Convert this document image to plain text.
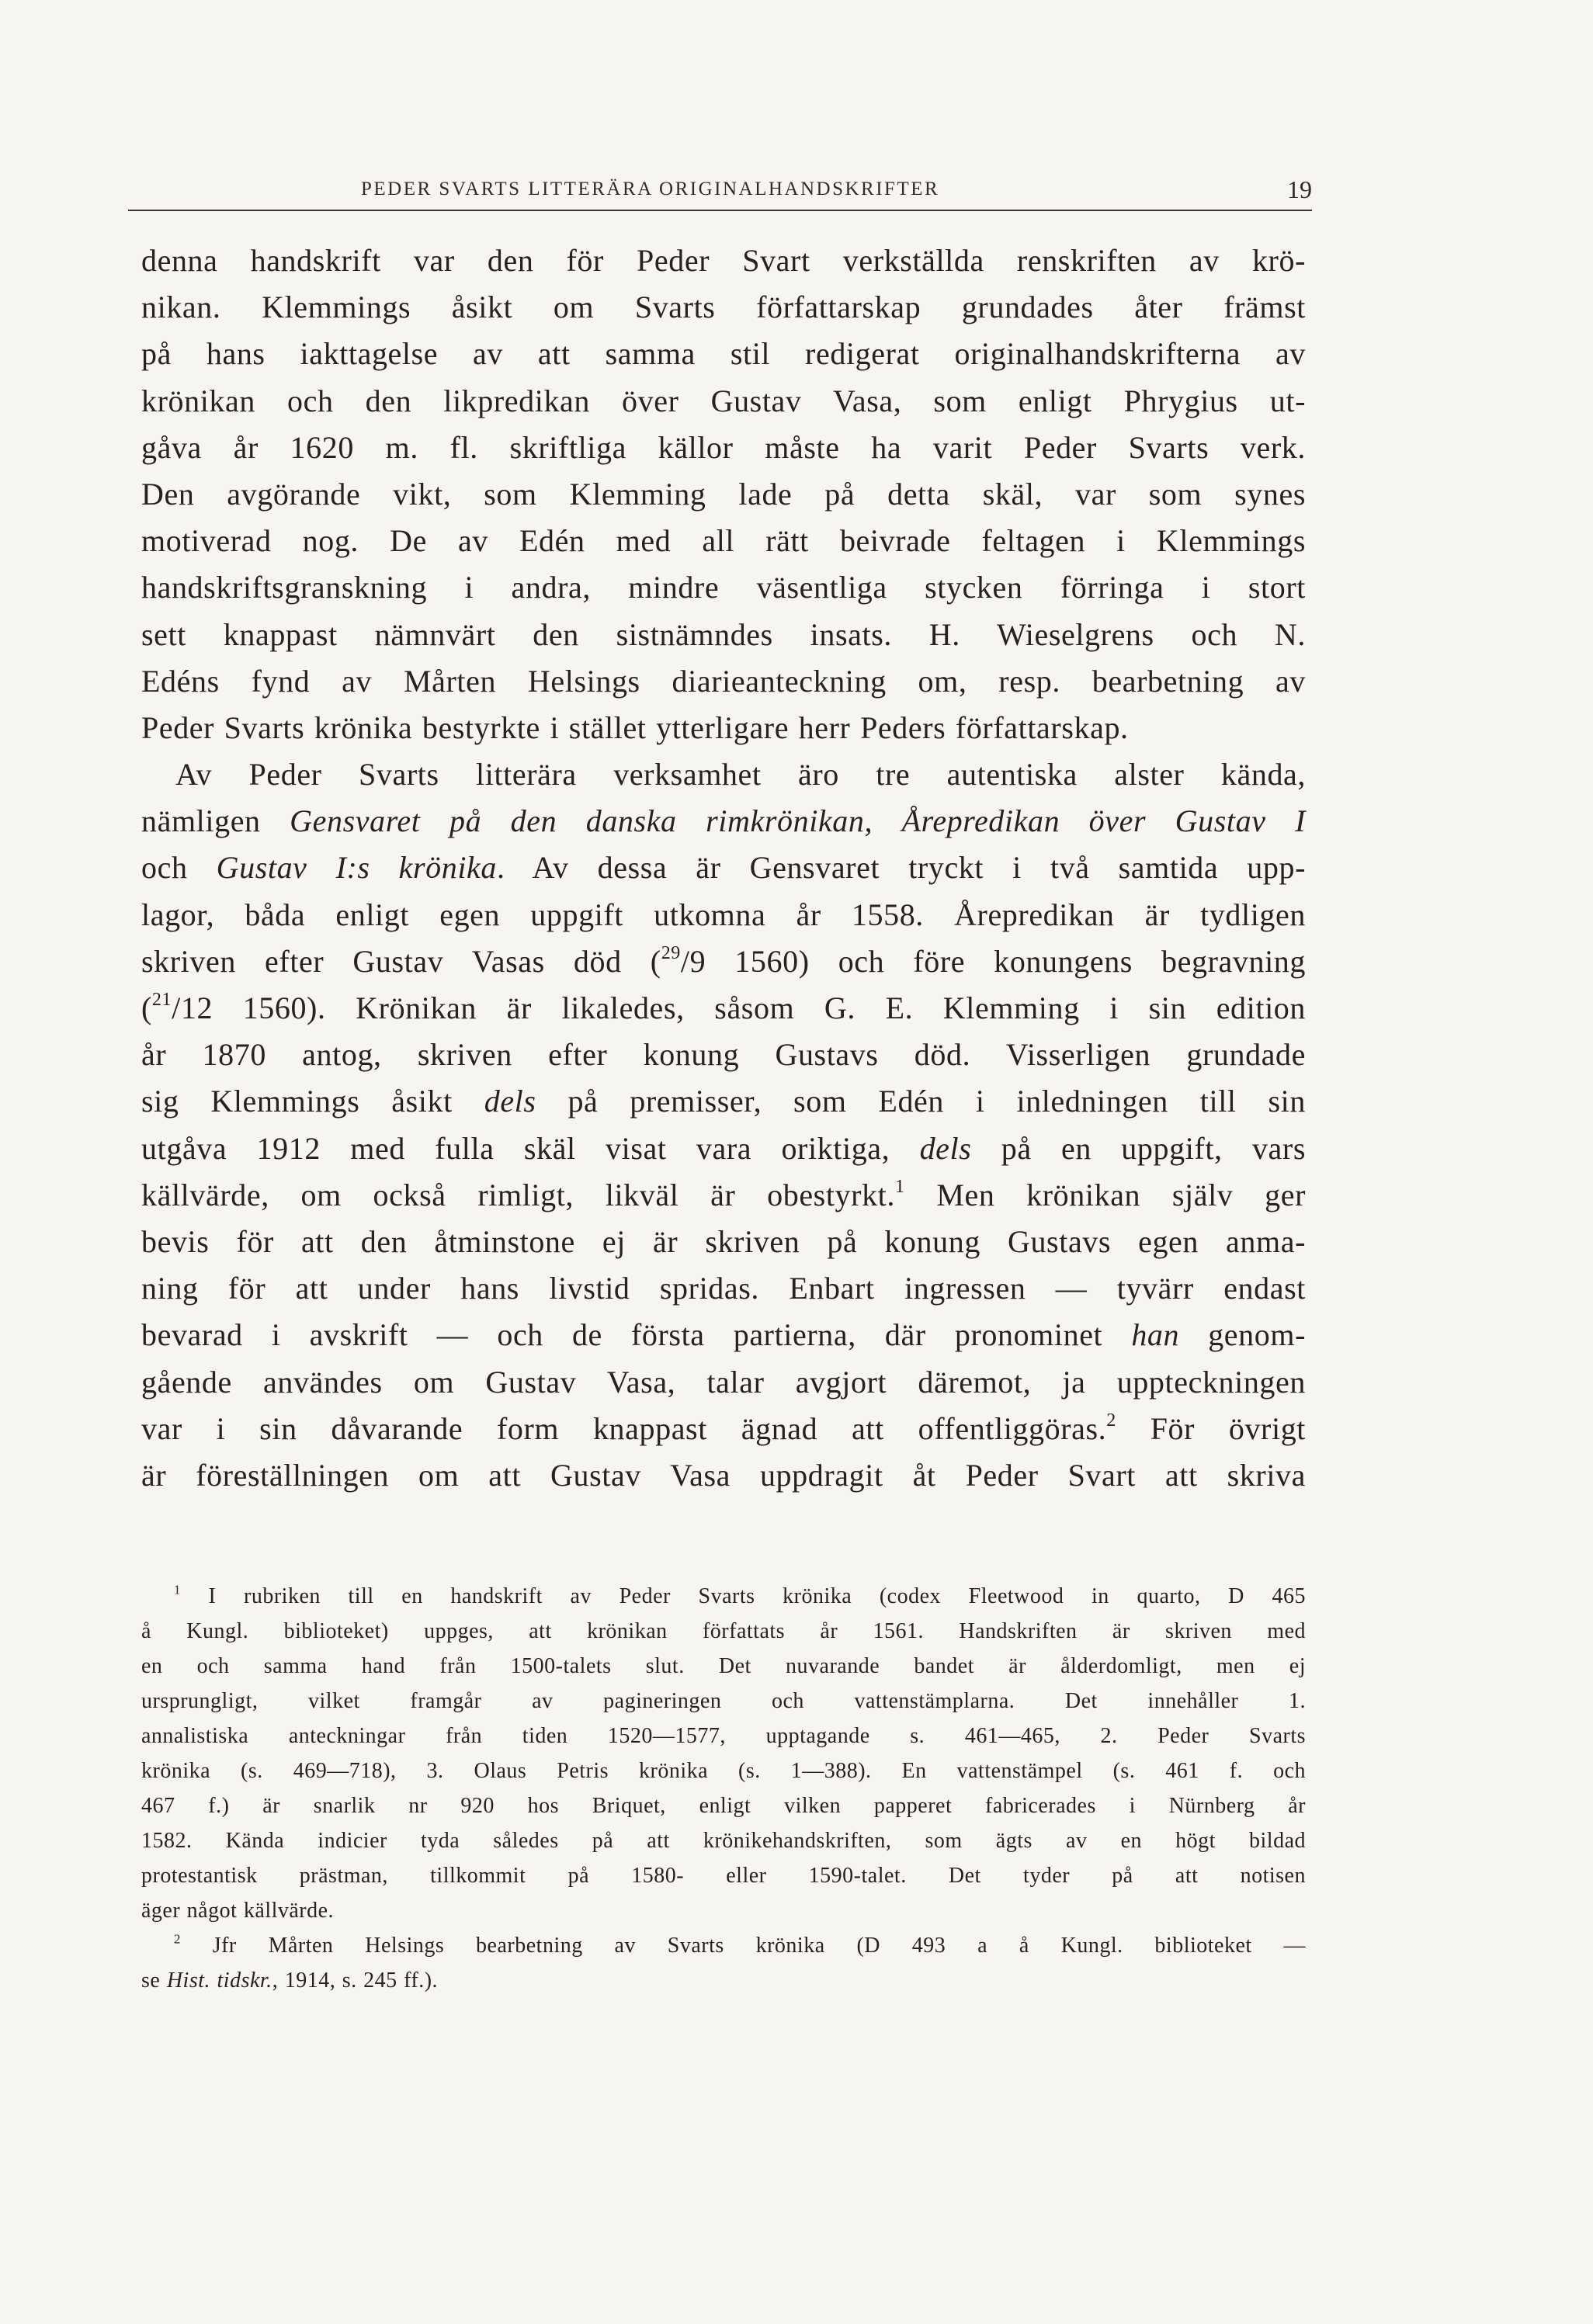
PEDER SVARTS LITTERÄRA ORIGINALHANDSKRIFTER	19
denna handskrift var den för Peder Svart verkställda renskriften av krö-
nikan. Klemmings åsikt om Svarts författarskap grundades åter främst
på hans iakttagelse av att samma stil redigerat originalhandskrifterna av
krönikan och den likpredikan över Gustav Vasa, som enligt Phrygius ut-
gåva år 1620 m. fl. skriftliga källor måste ha varit Peder Svarts verk.
Den avgörande vikt, som Klemming lade på detta skäl, var som synes
motiverad nog. De av Edén med all rätt beivrade feltagen i Klemmings
handskriftsgranskning i andra, mindre väsentliga stycken förringa i stort
sett knappast nämnvärt den sistnämndes insats. H. Wieselgrens och N.
Edéns fynd av Mårten Helsings diarieanteckning om, resp. bearbetning av
Peder Svarts krönika bestyrkte i stället ytterligare herr Peders författarskap.
Av Peder Svarts litterära verksamhet äro tre autentiska alster kända,
nämligen Gensvaret på den danska rimkrönikan, Årepredikan över Gustav I
och Gustav I:s krönika. Av dessa är Gensvaret tryckt i två samtida upp-
lagor, båda enligt egen uppgift utkomna år 1558. Årepredikan är tydligen
skriven efter Gustav Vasas död ($^{29}$/9 1560) och före konungens begravning
($^{21}$/12 1560). Krönikan är likaledes, såsom G. E. Klemming i sin edition
år 1870 antog, skriven efter konung Gustavs död. Visserligen grundade
sig Klemmings åsikt dels på premisser, som Edén i inledningen till sin
utgåva 1912 med fulla skäl visat vara oriktiga, dels på en uppgift, vars
källvärde, om också rimligt, likväl är obestyrkt.$^1$ Men krönikan själv ger
bevis för att den åtminstone ej är skriven på konung Gustavs egen anma-
ning för att under hans livstid spridas. Enbart ingressen — tyvärr endast
bevarad i avskrift — och de första partierna, där pronominet han genom-
gående användes om Gustav Vasa, talar avgjort däremot, ja uppteckningen
var i sin dåvarande form knappast ägnad att offentliggöras.$^2$ För övrigt
är föreställningen om att Gustav Vasa uppdragit åt Peder Svart att skriva
$^1$ I rubriken till en handskrift av Peder Svarts krönika (codex Fleetwood in quarto, D 465
å Kungl. biblioteket) uppges, att krönikan författats år 1561. Handskriften är skriven med
en och samma hand från 1500-talets slut. Det nuvarande bandet är ålderdomligt, men ej
ursprungligt, vilket framgår av pagineringen och vattenstämplarna. Det innehåller 1.
annalistiska anteckningar från tiden 1520—1577, upptagande s. 461—465, 2. Peder Svarts
krönika (s. 469—718), 3. Olaus Petris krönika (s. 1—388). En vattenstämpel (s. 461 f. och
467 f.) är snarlik nr 920 hos Briquet, enligt vilken papperet fabricerades i Nürnberg år
1582. Kända indicier tyda således på att krönikehandskriften, som ägts av en högt bildad
protestantisk prästman, tillkommit på 1580- eller 1590-talet. Det tyder på att notisen
äger något källvärde.
$^2$ Jfr Mårten Helsings bearbetning av Svarts krönika (D 493 a å Kungl. biblioteket —
se Hist. tidskr., 1914, s. 245 ff.).
